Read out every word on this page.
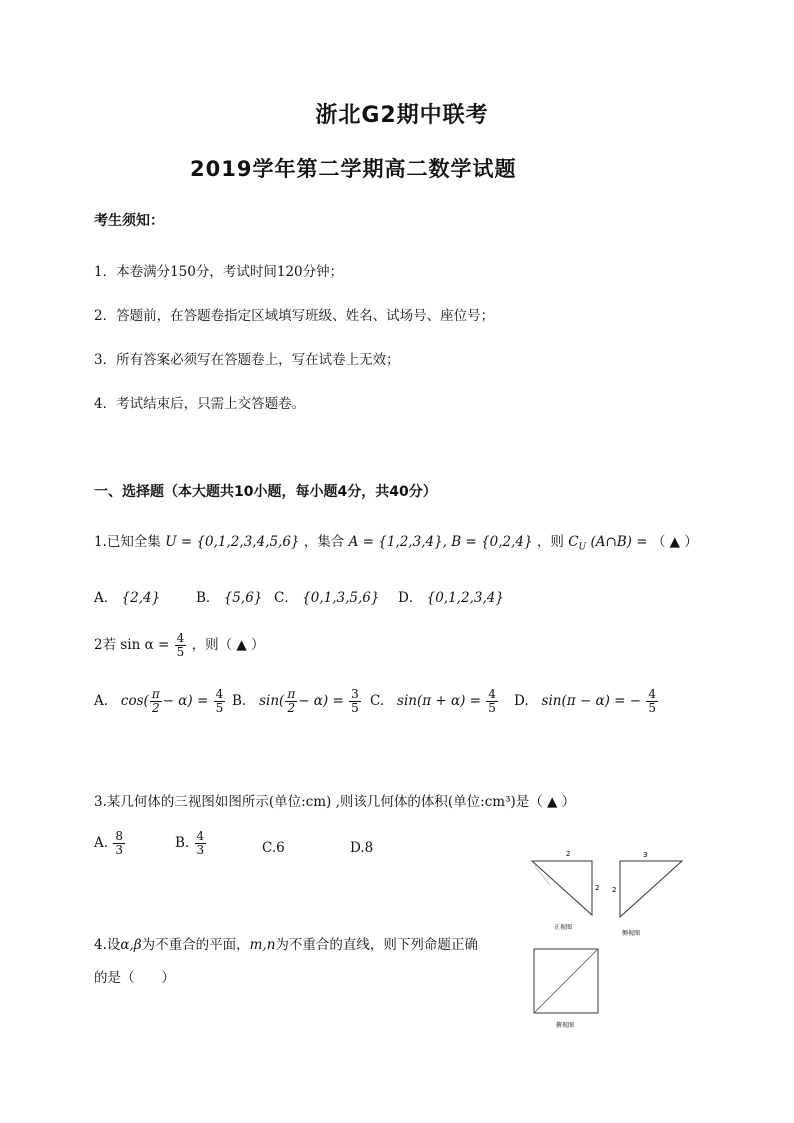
浙北G2期中联考
2019学年第二学期高二数学试题
考生须知：
1．本卷满分150分，考试时间120分钟；
2．答题前，在答题卷指定区域填写班级、姓名、试场号、座位号；
3．所有答案必须写在答题卷上，写在试卷上无效；
4．考试结束后，只需上交答题卷。
一、选择题（本大题共10小题，每小题4分，共40分）
1.已知全集 U = {0,1,2,3,4,5,6} ，集合 A = {1,2,3,4}, B = {0,2,4} ，则 $C_U$ (A∩B) = （ ▲ ）
A． {2,4}	B． {5,6} C． {0,1,3,5,6} D． {0,1,2,3,4}
2若 $\sin \alpha = \frac{4}{5}$ ，则（ ▲ ）
A. $\cos( \frac{\pi}{2} - \alpha) = \frac{4}{5} B$. $\sin( \frac{\pi}{2} - \alpha) = \frac{3}{5} C$. $\sin(\pi + \alpha) = \frac{4}{5} D$. sin(π − α) = − $\frac{4}{5}$
3.某几何体的三视图如图所示(单位:cm) ,则该几何体的体积(单位:cm³)是（ ▲ ）
A. $\frac{8}{3}$	B. $\frac{4}{3}$	C.6	D.8
4.设α,β为不重合的平面，m,n为不重合的直线，则下列命题正确
的是（　　）
2
2
正视图
3
2
侧视图
俯视图
